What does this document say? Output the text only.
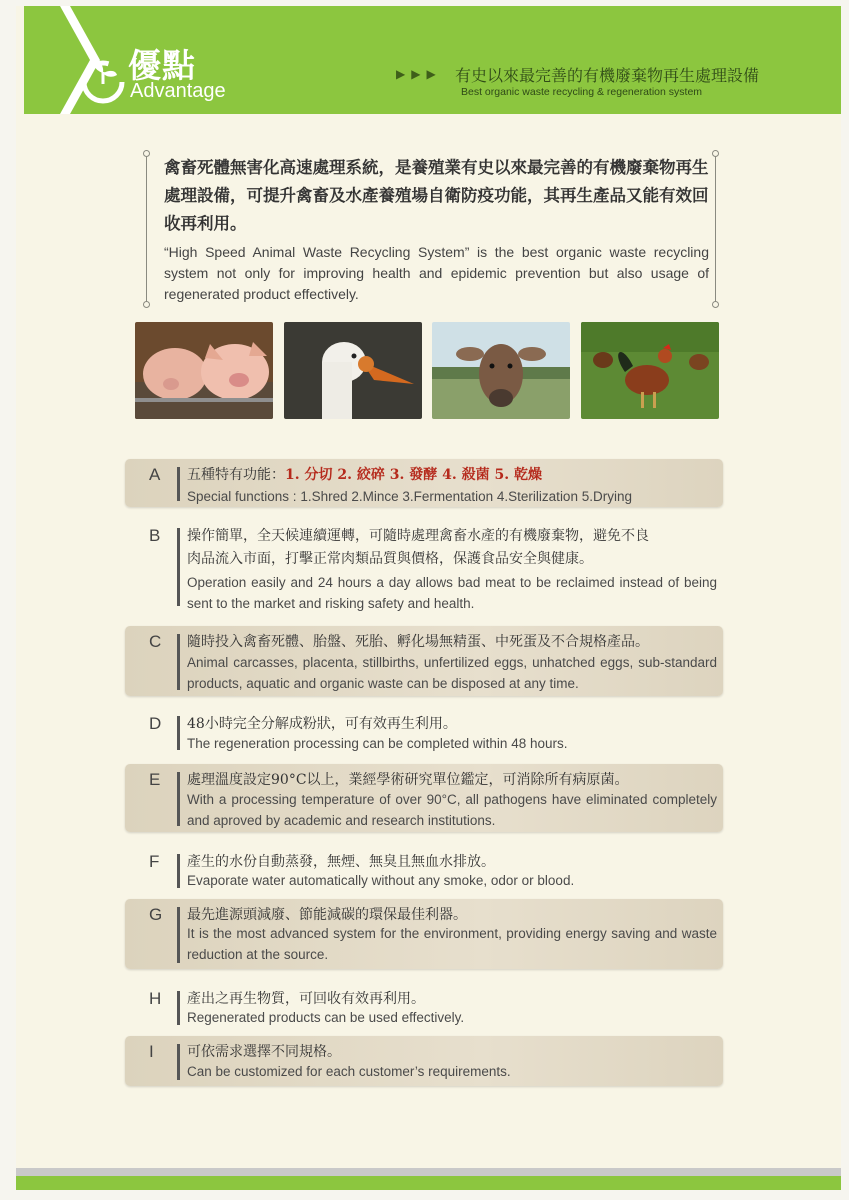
優點
Advantage
▶▶▶ 有史以來最完善的有機廢棄物再生處理設備
Best organic waste recycling & regeneration system
禽畜死體無害化高速處理系統，是養殖業有史以來最完善的有機廢棄物再生處理設備，可提升禽畜及水產養殖場自衛防疫功能，其再生產品又能有效回收再利用。
“High Speed Animal Waste Recycling System” is the best organic waste recycling system not only for improving health and epidemic prevention but also usage of regenerated product effectively.
A 五種特有功能：1. 分切 2. 絞碎 3. 發酵 4. 殺菌 5. 乾燥
Special functions : 1.Shred 2.Mince 3.Fermentation 4.Sterilization 5.Drying
B 操作簡單，全天候連續運轉，可隨時處理禽畜水產的有機廢棄物，避免不良
肉品流入市面，打擊正常肉類品質與價格，保護食品安全與健康。
Operation easily and 24 hours a day allows bad meat to be reclaimed instead of being sent to the market and risking safety and health.
C 隨時投入禽畜死體、胎盤、死胎、孵化場無精蛋、中死蛋及不合規格產品。
Animal carcasses, placenta, stillbirths, unfertilized eggs, unhatched eggs, sub-standard products, aquatic and organic waste can be disposed at any time.
D 48小時完全分解成粉狀，可有效再生利用。
The regeneration processing can be completed within 48 hours.
E 處理溫度設定90°C以上，業經學術研究單位鑑定，可消除所有病原菌。
With a processing temperature of over 90°C, all pathogens have eliminated completely and aproved by academic and research institutions.
F 產生的水份自動蒸發，無煙、無臭且無血水排放。
Evaporate water automatically without any smoke, odor or blood.
G 最先進源頭減廢、節能減碳的環保最佳利器。
It is the most advanced system for the environment, providing energy saving and waste reduction at the source.
H 產出之再生物質，可回收有效再利用。
Regenerated products can be used effectively.
I 可依需求選擇不同規格。
Can be customized for each customer’s requirements.
